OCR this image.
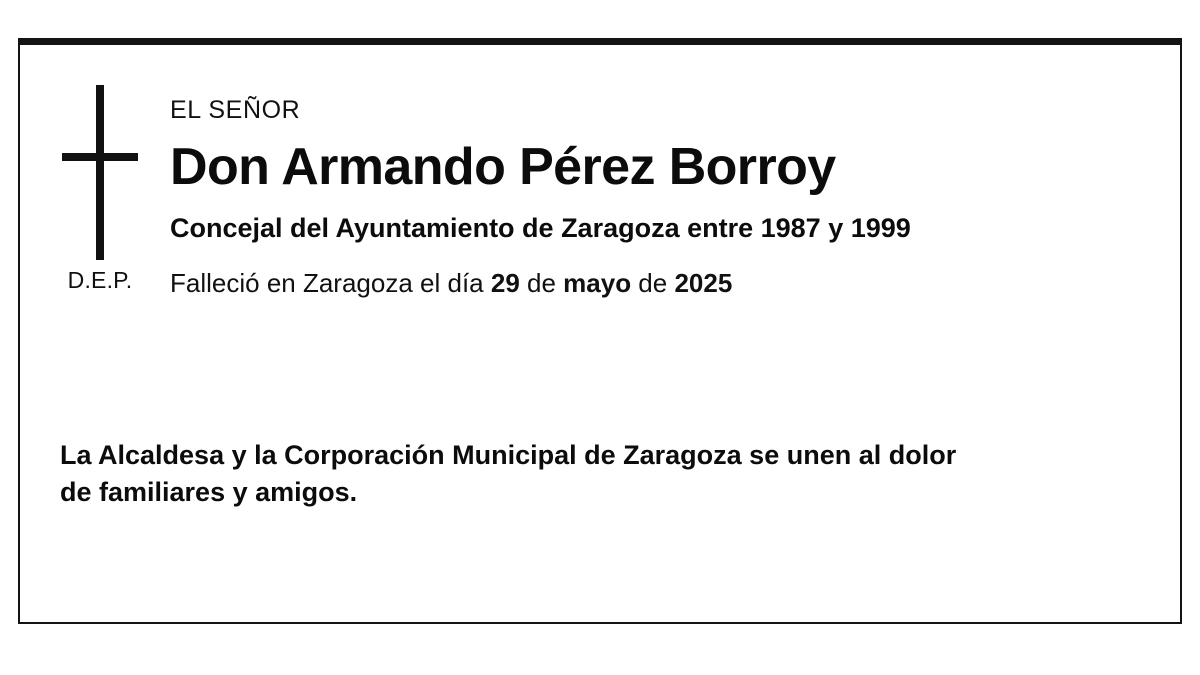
D.E.P.

EL SEÑOR

Don Armando Pérez Borroy

Concejal del Ayuntamiento de Zaragoza entre 1987 y 1999

Falleció en Zaragoza el día 29 de mayo de 2025

La Alcaldesa y la Corporación Municipal de Zaragoza se unen al dolor de familiares y amigos.
